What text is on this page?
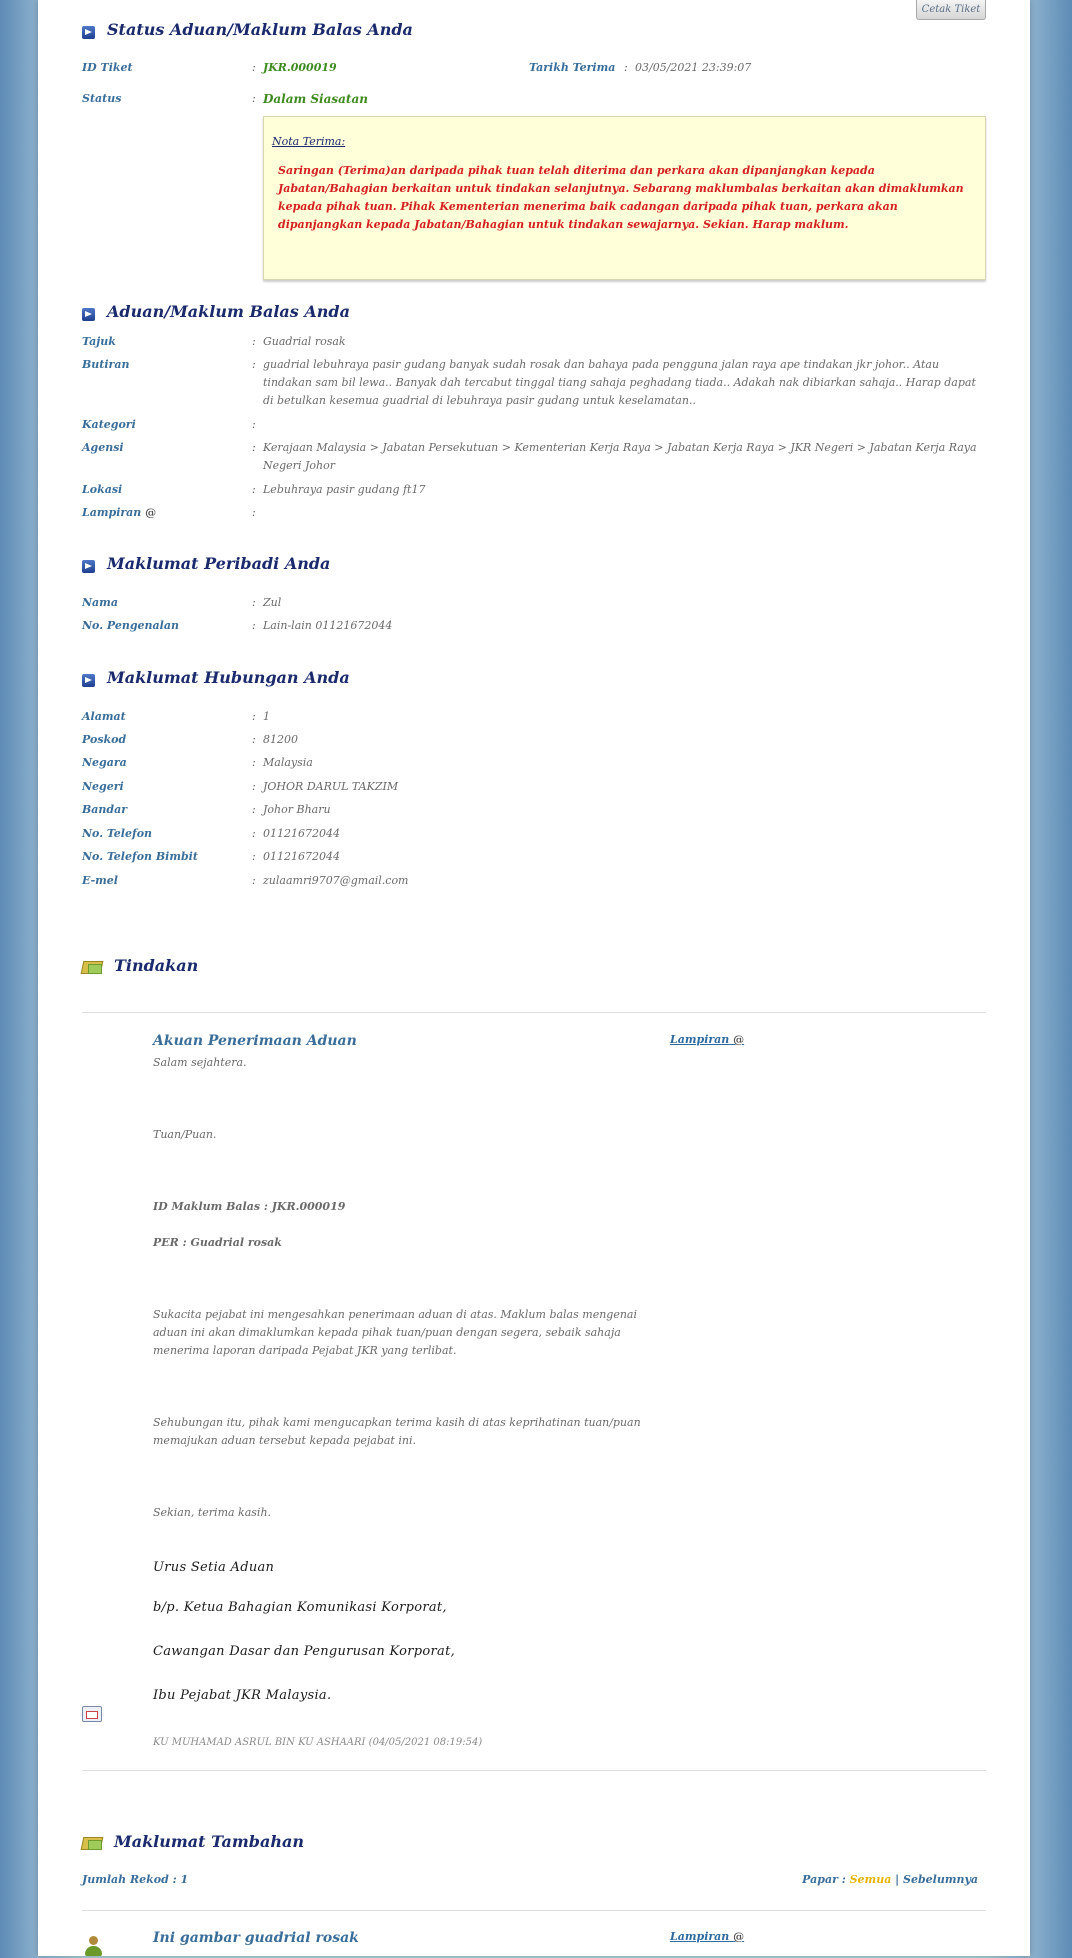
Cetak Tiket
Status Aduan/Maklum Balas Anda
ID Tiket	: JKR.000019	Tarikh Terima : 03/05/2021 23:39:07
Status	: Dalam Siasatan
Nota Terima:
Saringan (Terima)an daripada pihak tuan telah diterima dan perkara akan dipanjangkan kepada Jabatan/Bahagian berkaitan untuk tindakan selanjutnya. Sebarang maklumbalas berkaitan akan dimaklumkan kepada pihak tuan. Pihak Kementerian menerima baik cadangan daripada pihak tuan, perkara akan dipanjangkan kepada Jabatan/Bahagian untuk tindakan sewajarnya. Sekian. Harap maklum.
Aduan/Maklum Balas Anda
Tajuk	: Guadrial rosak
Butiran	: guadrial lebuhraya pasir gudang banyak sudah rosak dan bahaya pada pengguna jalan raya ape tindakan jkr johor.. Atau tindakan sam bil lewa.. Banyak dah tercabut tinggal tiang sahaja peghadang tiada.. Adakah nak dibiarkan sahaja.. Harap dapat di betulkan kesemua guadrial di lebuhraya pasir gudang untuk keselamatan..
Kategori	:
Agensi	: Kerajaan Malaysia > Jabatan Persekutuan > Kementerian Kerja Raya > Jabatan Kerja Raya > JKR Negeri > Jabatan Kerja Raya Negeri Johor
Lokasi	: Lebuhraya pasir gudang ft17
Lampiran @	:
Maklumat Peribadi Anda
Nama	: Zul
No. Pengenalan	: Lain-lain 01121672044
Maklumat Hubungan Anda
Alamat	: 1
Poskod	: 81200
Negara	: Malaysia
Negeri	: JOHOR DARUL TAKZIM
Bandar	: Johor Bharu
No. Telefon	: 01121672044
No. Telefon Bimbit	: 01121672044
E-mel	: zulaamri9707@gmail.com
Tindakan
Akuan Penerimaan Aduan	Lampiran @
Salam sejahtera.
Tuan/Puan.
ID Maklum Balas : JKR.000019
PER : Guadrial rosak
Sukacita pejabat ini mengesahkan penerimaan aduan di atas. Maklum balas mengenai aduan ini akan dimaklumkan kepada pihak tuan/puan dengan segera, sebaik sahaja menerima laporan daripada Pejabat JKR yang terlibat.
Sehubungan itu, pihak kami mengucapkan terima kasih di atas keprihatinan tuan/puan memajukan aduan tersebut kepada pejabat ini.
Sekian, terima kasih.
Urus Setia Aduan
b/p. Ketua Bahagian Komunikasi Korporat,
Cawangan Dasar dan Pengurusan Korporat,
Ibu Pejabat JKR Malaysia.
KU MUHAMAD ASRUL BIN KU ASHAARI (04/05/2021 08:19:54)
Maklumat Tambahan
Jumlah Rekod : 1	Papar : Semua | Sebelumnya
Ini gambar guadrial rosak	Lampiran @
